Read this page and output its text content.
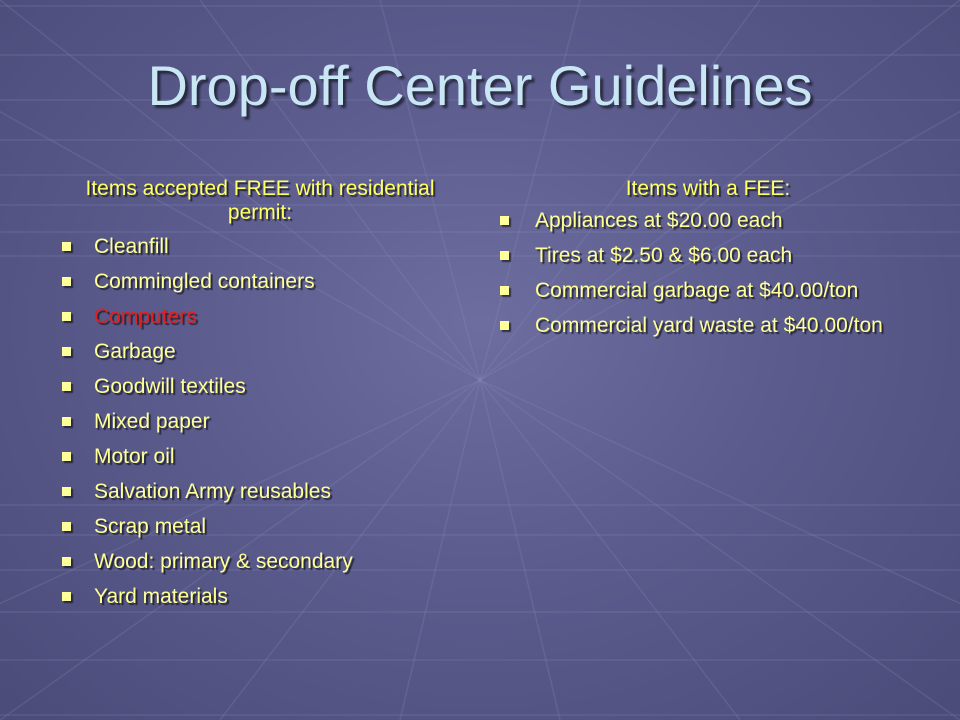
Drop-off Center Guidelines
Items accepted FREE with residential permit:
Cleanfill
Commingled containers
Computers
Garbage
Goodwill textiles
Mixed paper
Motor oil
Salvation Army reusables
Scrap metal
Wood: primary & secondary
Yard materials
Items with a FEE:
Appliances at $20.00 each
Tires at $2.50 & $6.00 each
Commercial garbage at $40.00/ton
Commercial yard waste at $40.00/ton
